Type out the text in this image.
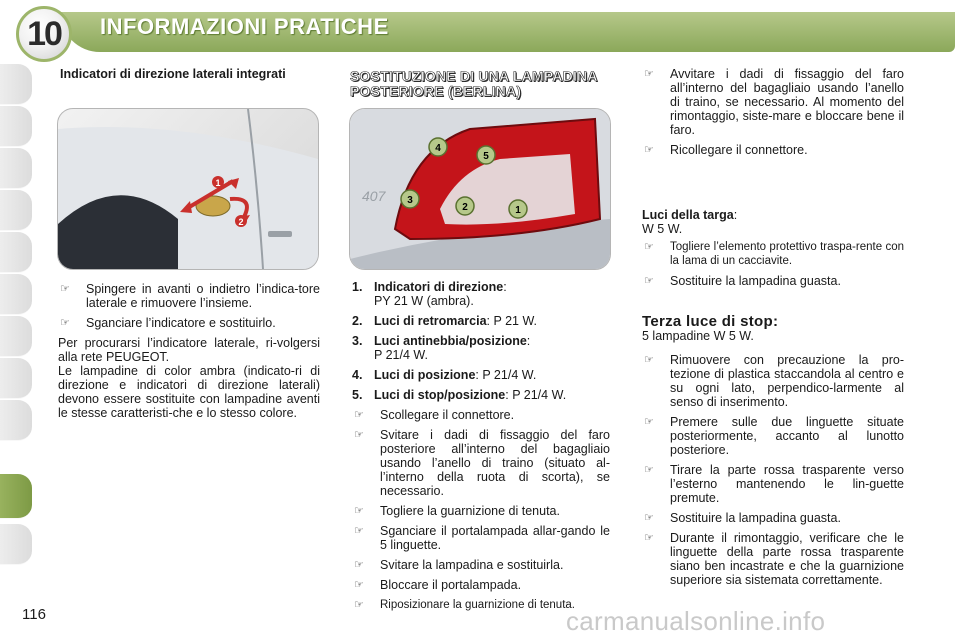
10	INFORMAZIONI PRATICHE

Indicatori di direzione laterali integrati

1
2
☞	Spingere in avanti o indietro l’indica-tore laterale e rimuovere l’insieme.
☞	Sganciare l’indicatore e sostituirlo.

Per procurarsi l’indicatore laterale, ri-volgersi alla rete PEUGEOT.

Le lampadine di color ambra (indicato-ri di direzione e indicatori di direzione laterali) devono essere sostituite con lampadine aventi le stesse caratteristi-che e lo stesso colore.

SOSTITUZIONE DI UNA LAMPADINA POSTERIORE (BERLINA)
407
4
5
3
2	1
1. Indicatori di direzione:
PY 21 W (ambra).
2. Luci di retromarcia: P 21 W.
3. Luci antinebbia/posizione:
P 21/4 W.
4. Luci di posizione: P 21/4 W.
5. Luci di stop/posizione: P 21/4 W.
☞	Scollegare il connettore.
☞	Svitare i dadi di fissaggio del faro posteriore all’interno del bagagliaio usando l’anello di traino (situato al-l’interno della ruota di scorta), se necessario.
☞	Togliere la guarnizione di tenuta.
☞	Sganciare il portalampada allar-gando le 5 linguette.
☞	Svitare la lampadina e sostituirla.
☞	Bloccare il portalampada.
☞	Riposizionare la guarnizione di tenuta.
☞	Avvitare i dadi di fissaggio del faro all’interno del bagagliaio usando l’anello di traino, se necessario. Al momento del rimontaggio, siste-mare e bloccare bene il faro.
☞	Ricollegare il connettore.
Luci della targa:
W 5 W.
☞	Togliere l’elemento protettivo traspa-rente con la lama di un cacciavite.
☞	Sostituire la lampadina guasta.
Terza luce di stop:
5 lampadine W 5 W.
☞	Rimuovere con precauzione la pro-tezione di plastica staccandola al centro e su ogni lato, perpendico-larmente al senso di inserimento.
☞	Premere sulle due linguette situate posteriormente, accanto al lunotto posteriore.
☞	Tirare la parte rossa trasparente verso l’esterno mantenendo le lin-guette premute.
☞	Sostituire la lampadina guasta.
☞	Durante il rimontaggio, verificare che le linguette della parte rossa trasparente siano ben incastrate e che la guarnizione superiore sia sistemata correttamente.
116	carmanualsonline.info
